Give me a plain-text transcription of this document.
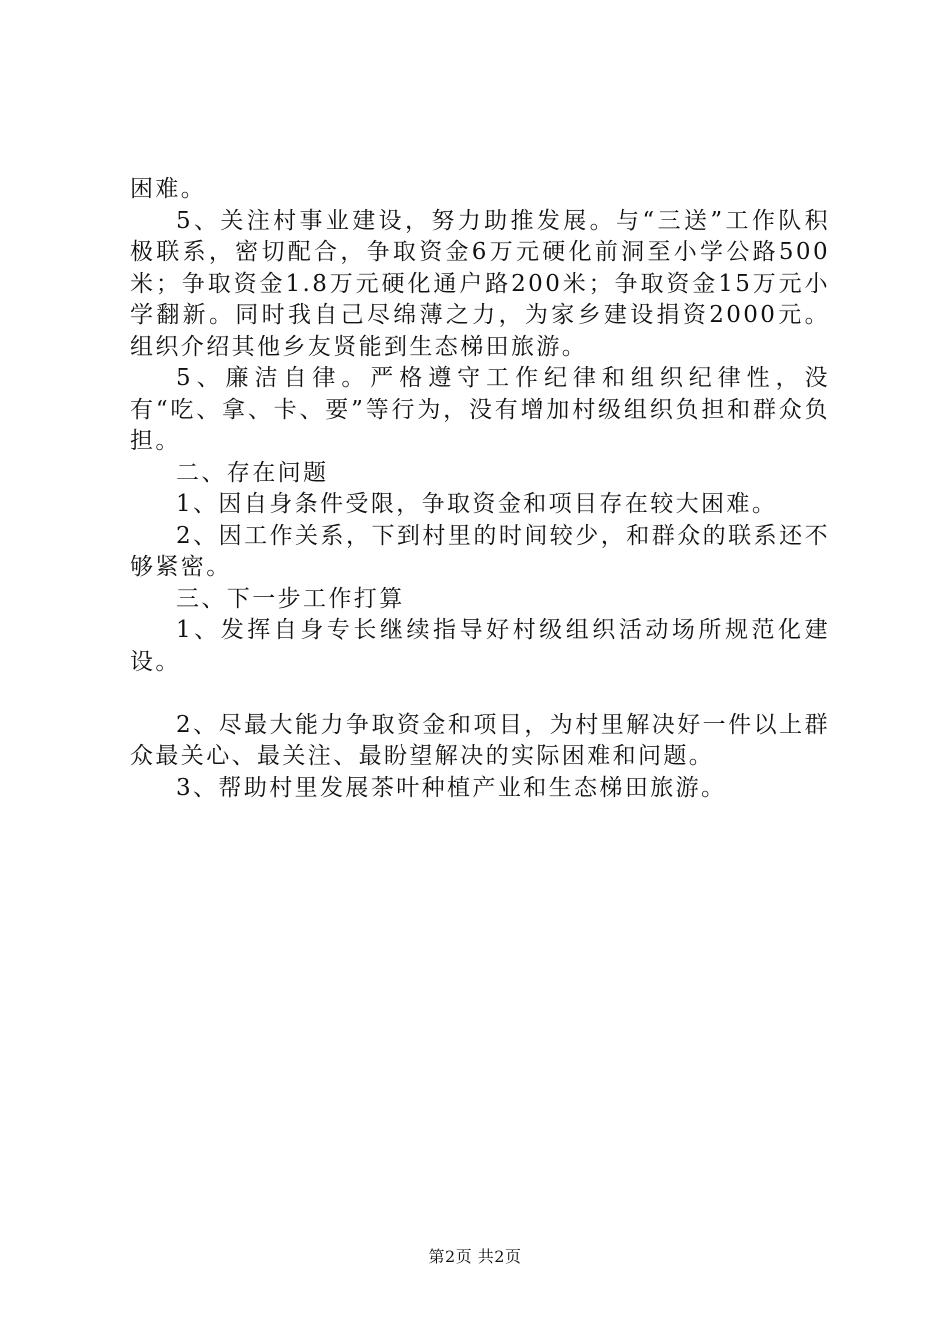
困难。

5、关注村事业建设，努力助推发展。与“三送”工作队积极联系，密切配合，争取资金6万元硬化前洞至小学公路500米；争取资金1.8万元硬化通户路200米；争取资金15万元小学翻新。同时我自己尽绵薄之力，为家乡建设捐资2000元。组织介绍其他乡友贤能到生态梯田旅游。

5、廉洁自律。严格遵守工作纪律和组织纪律性，没有“吃、拿、卡、要”等行为，没有增加村级组织负担和群众负担。

二、存在问题

1、因自身条件受限，争取资金和项目存在较大困难。

2、因工作关系，下到村里的时间较少，和群众的联系还不够紧密。

三、下一步工作打算

1、发挥自身专长继续指导好村级组织活动场所规范化建设。

2、尽最大能力争取资金和项目，为村里解决好一件以上群众最关心、最关注、最盼望解决的实际困难和问题。

3、帮助村里发展茶叶种植产业和生态梯田旅游。

第2页 共2页
